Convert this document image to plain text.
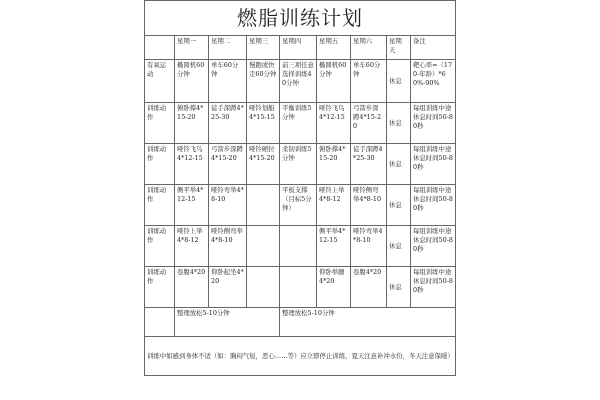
燃脂训练计划								
	星期一	星期二	星期三	星期四	星期五	星期六	星期天	备注
有氧运动	椭圆机60分钟	单车60分钟	慢跑或快走60分钟	前三项任意选择训练40分钟	椭圆机60分钟	单车60分钟	休息	靶心率=（170-年龄）*60%-90%
训练动作	俯卧撑4*15-20	徒手深蹲4*25-30	哑铃划船4*15-15	平衡训练5分钟	哑铃飞鸟4*12-15	弓箭步深蹲4*15-20	休息	每组训练中途休息时间50-80秒
训练动作	哑铃飞鸟4*12-15	弓箭步深蹲4*15-20	哑铃硬拉4*15-20	柔韧训练5分钟	俯卧撑4*15-20	徒手深蹲4*25-30	休息	每组训练中途休息时间50-80秒
训练动作	侧平举4*12-15	哑铃弯举4*8-10		平板支撑（目标5分钟）	哑铃上举4*8-12	哑铃侧弯举4*8-10	休息	每组训练中途休息时间50-80秒
训练动作	哑铃上举4*8-12	哑铃侧弯举4*8-10			侧平举4*12-15	哑铃弯举4*8-10	休息	每组训练中途休息时间50-80秒
训练动作	卷腹4*20	仰卧起坐4*20			仰卧举腿4*20	卷腹4*20	休息	每组训练中途休息时间50-80秒
	整理放松5-10分钟			整理放松5-10分钟				
训练中如感到身体不适（如：胸闷气短，恶心……等）应立即停止训练，夏天注意补冲水份，冬天注意保暖）								
